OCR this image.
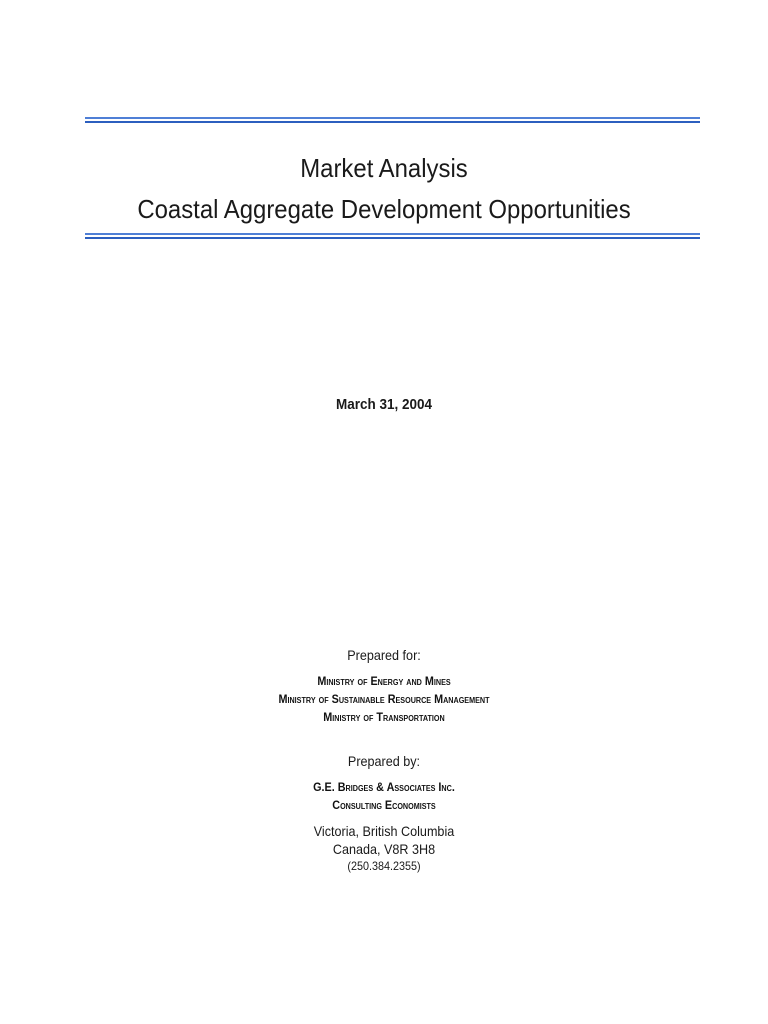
Market Analysis
Coastal Aggregate Development Opportunities
March 31, 2004
Prepared for:
Ministry of Energy and Mines
Ministry of Sustainable Resource Management
Ministry of Transportation
Prepared by:
G.E. Bridges & Associates Inc.
Consulting Economists
Victoria, British Columbia
Canada, V8R 3H8
(250.384.2355)
